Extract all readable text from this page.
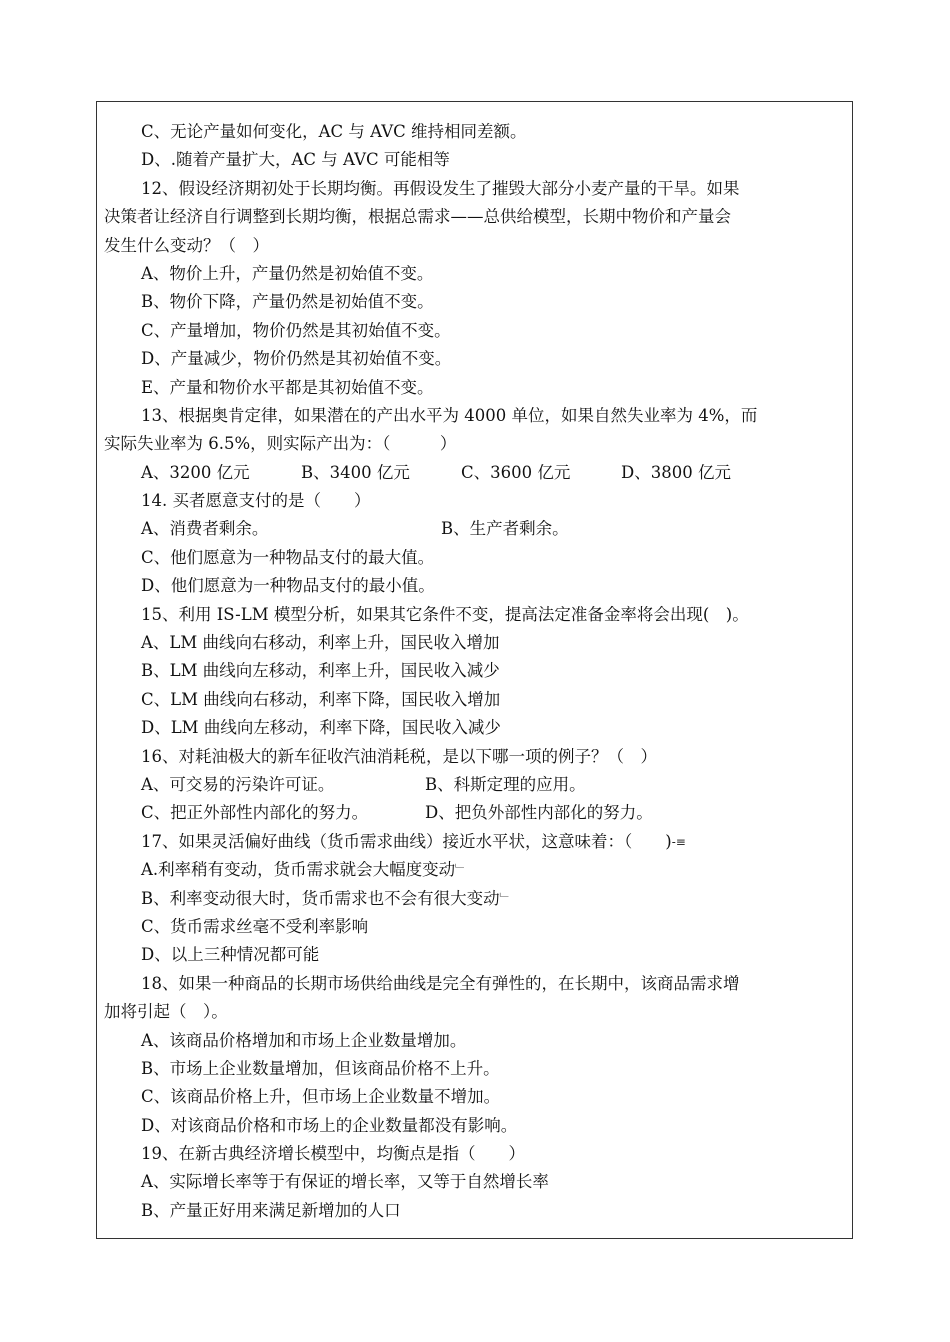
C、无论产量如何变化，AC 与 AVC 维持相同差额。
D、.随着产量扩大，AC 与 AVC 可能相等
12、假设经济期初处于长期均衡。再假设发生了摧毁大部分小麦产量的干旱。如果
决策者让经济自行调整到长期均衡，根据总需求——总供给模型，长期中物价和产量会
发生什么变动？（　）
A、物价上升，产量仍然是初始值不变。
B、物价下降，产量仍然是初始值不变。
C、产量增加，物价仍然是其初始值不变。
D、产量减少，物价仍然是其初始值不变。
E、产量和物价水平都是其初始值不变。
13、根据奥肯定律，如果潜在的产出水平为 4000 单位，如果自然失业率为 4%，而
实际失业率为 6.5%，则实际产出为：（　　　）
A、3200 亿元	B、3400 亿元	C、3600 亿元	D、3800 亿元
14. 买者愿意支付的是（　　）
A、消费者剩余。	B、生产者剩余。
C、他们愿意为一种物品支付的最大值。
D、他们愿意为一种物品支付的最小值。
15、利用 IS-LM 模型分析，如果其它条件不变，提高法定准备金率将会出现(　)。
A、LM 曲线向右移动，利率上升，国民收入增加
B、LM 曲线向左移动，利率上升，国民收入减少
C、LM 曲线向右移动，利率下降，国民收入增加
D、LM 曲线向左移动，利率下降，国民收入减少
16、对耗油极大的新车征收汽油消耗税，是以下哪一项的例子？（　）
A、可交易的污染许可证。	B、科斯定理的应用。
C、把正外部性内部化的努力。	D、把负外部性内部化的努力。
17、如果灵活偏好曲线（货币需求曲线）接近水平状，这意味着：（　　)-≡
A.利率稍有变动，货币需求就会大幅度变动﹂
B、利率变动很大时，货币需求也不会有很大变动﹂
C、货币需求丝毫不受利率影响
D、以上三种情况都可能
18、如果一种商品的长期市场供给曲线是完全有弹性的，在长期中，该商品需求增
加将引起（　）。
A、该商品价格增加和市场上企业数量增加。
B、市场上企业数量增加，但该商品价格不上升。
C、该商品价格上升，但市场上企业数量不增加。
D、对该商品价格和市场上的企业数量都没有影响。
19、在新古典经济增长模型中，均衡点是指（　　）
A、实际增长率等于有保证的增长率，又等于自然增长率
B、产量正好用来满足新增加的人口
